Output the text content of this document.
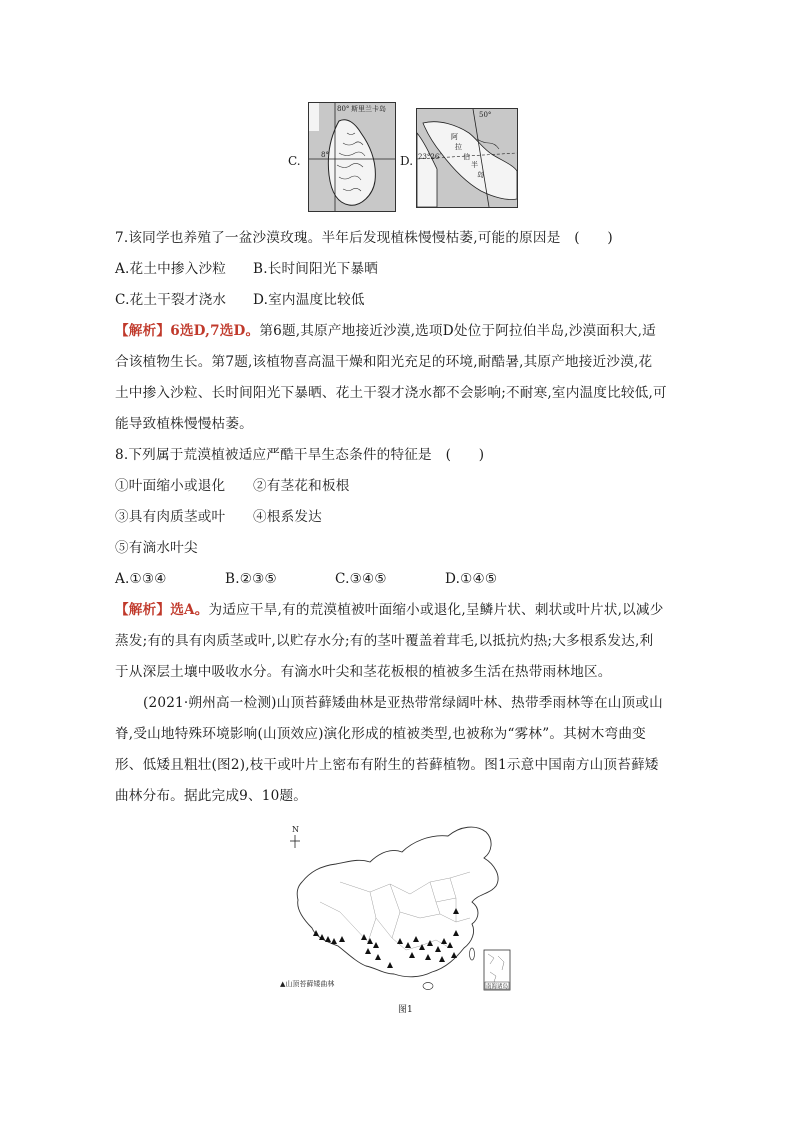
C.
80° 斯里兰卡岛
8°	D.
50°
23°26′
阿
拉
伯
半
岛
7.该同学也养殖了一盆沙漠玫瑰。半年后发现植株慢慢枯萎,可能的原因是　(　　)
A.花土中掺入沙粒 B.长时间阳光下暴晒
C.花土干裂才浇水 D.室内温度比较低
【解析】6选D,7选D。第6题,其原产地接近沙漠,选项D处位于阿拉伯半岛,沙漠面积大,适
合该植物生长。第7题,该植物喜高温干燥和阳光充足的环境,耐酷暑,其原产地接近沙漠,花
土中掺入沙粒、长时间阳光下暴晒、花土干裂才浇水都不会影响;不耐寒,室内温度比较低,可
能导致植株慢慢枯萎。
8.下列属于荒漠植被适应严酷干旱生态条件的特征是　(　　)
①叶面缩小或退化 ②有茎花和板根
③具有肉质茎或叶 ④根系发达
⑤有滴水叶尖
A.①③④	B.②③⑤	C.③④⑤	D.①④⑤
【解析】选A。为适应干旱,有的荒漠植被叶面缩小或退化,呈鳞片状、刺状或叶片状,以减少
蒸发;有的具有肉质茎或叶,以贮存水分;有的茎叶覆盖着茸毛,以抵抗灼热;大多根系发达,利
于从深层土壤中吸收水分。有滴水叶尖和茎花板根的植被多生活在热带雨林地区。
(2021·朔州高一检测)山顶苔藓矮曲林是亚热带常绿阔叶林、热带季雨林等在山顶或山
脊,受山地特殊环境影响(山顶效应)演化形成的植被类型,也被称为“雾林”。其树木弯曲变
形、低矮且粗壮(图2),枝干或叶片上密布有附生的苔藓植物。图1示意中国南方山顶苔藓矮
曲林分布。据此完成9、10题。
N
南海诸岛
▲山顶苔藓矮曲林
图1
